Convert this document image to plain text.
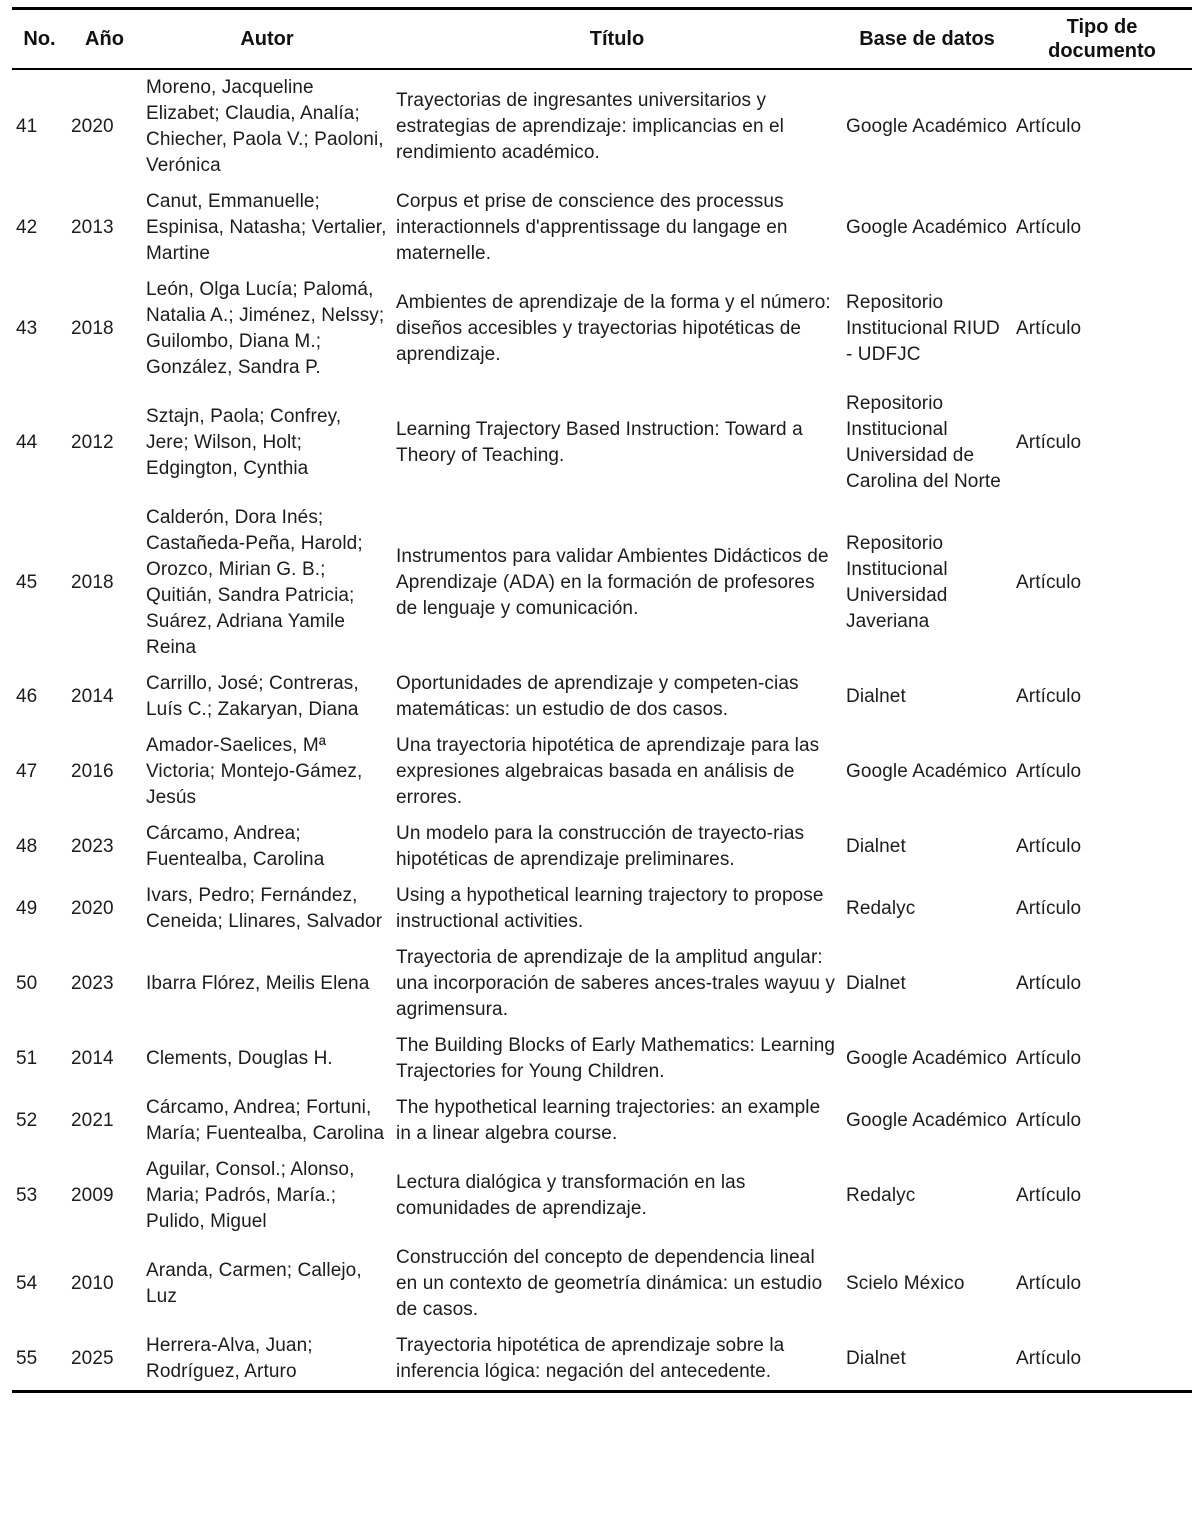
No.	Año	Autor	Título	Base de datos	Tipo de documento
41	2020	Moreno, Jacqueline Elizabet; Claudia, Analía; Chiecher, Paola V.; Paoloni, Verónica	Trayectorias de ingresantes universitarios y estrategias de aprendizaje: implicancias en el rendimiento académico.	Google Académico	Artículo
42	2013	Canut, Emmanuelle; Espinisa, Natasha; Vertalier, Martine	Corpus et prise de conscience des processus interactionnels d'apprentissage du langage en maternelle.	Google Académico	Artículo
43	2018	León, Olga Lucía; Palomá, Natalia A.; Jiménez, Nelssy; Guilombo, Diana M.; González, Sandra P.	Ambientes de aprendizaje de la forma y el número: diseños accesibles y trayectorias hipotéticas de aprendizaje.	Repositorio Institucional RIUD - UDFJC	Artículo
44	2012	Sztajn, Paola; Confrey, Jere; Wilson, Holt; Edgington, Cynthia	Learning Trajectory Based Instruction: Toward a Theory of Teaching.	Repositorio Institucional Universidad de Carolina del Norte	Artículo
45	2018	Calderón, Dora Inés; Castañeda-Peña, Harold; Orozco, Mirian G. B.; Quitián, Sandra Patricia; Suárez, Adriana Yamile Reina	Instrumentos para validar Ambientes Didácticos de Aprendizaje (ADA) en la formación de profesores de lenguaje y comunicación.	Repositorio Institucional Universidad Javeriana	Artículo
46	2014	Carrillo, José; Contreras, Luís C.; Zakaryan, Diana	Oportunidades de aprendizaje y competen-cias matemáticas: un estudio de dos casos.	Dialnet	Artículo
47	2016	Amador-Saelices, Mª Victoria; Montejo-Gámez, Jesús	Una trayectoria hipotética de aprendizaje para las expresiones algebraicas basada en análisis de errores.	Google Académico	Artículo
48	2023	Cárcamo, Andrea; Fuentealba, Carolina	Un modelo para la construcción de trayecto-rias hipotéticas de aprendizaje preliminares.	Dialnet	Artículo
49	2020	Ivars, Pedro; Fernández, Ceneida; Llinares, Salvador	Using a hypothetical learning trajectory to propose instructional activities.	Redalyc	Artículo
50	2023	Ibarra Flórez, Meilis Elena	Trayectoria de aprendizaje de la amplitud angular: una incorporación de saberes ances-trales wayuu y agrimensura.	Dialnet	Artículo
51	2014	Clements, Douglas H.	The Building Blocks of Early Mathematics: Learning Trajectories for Young Children.	Google Académico	Artículo
52	2021	Cárcamo, Andrea; Fortuni, María; Fuentealba, Carolina	The hypothetical learning trajectories: an example in a linear algebra course.	Google Académico	Artículo
53	2009	Aguilar, Consol.; Alonso, Maria; Padrós, María.; Pulido, Miguel	Lectura dialógica y transformación en las comunidades de aprendizaje.	Redalyc	Artículo
54	2010	Aranda, Carmen; Callejo, Luz	Construcción del concepto de dependencia lineal en un contexto de geometría dinámica: un estudio de casos.	Scielo México	Artículo
55	2025	Herrera-Alva, Juan; Rodríguez, Arturo	Trayectoria hipotética de aprendizaje sobre la inferencia lógica: negación del antecedente.	Dialnet	Artículo
